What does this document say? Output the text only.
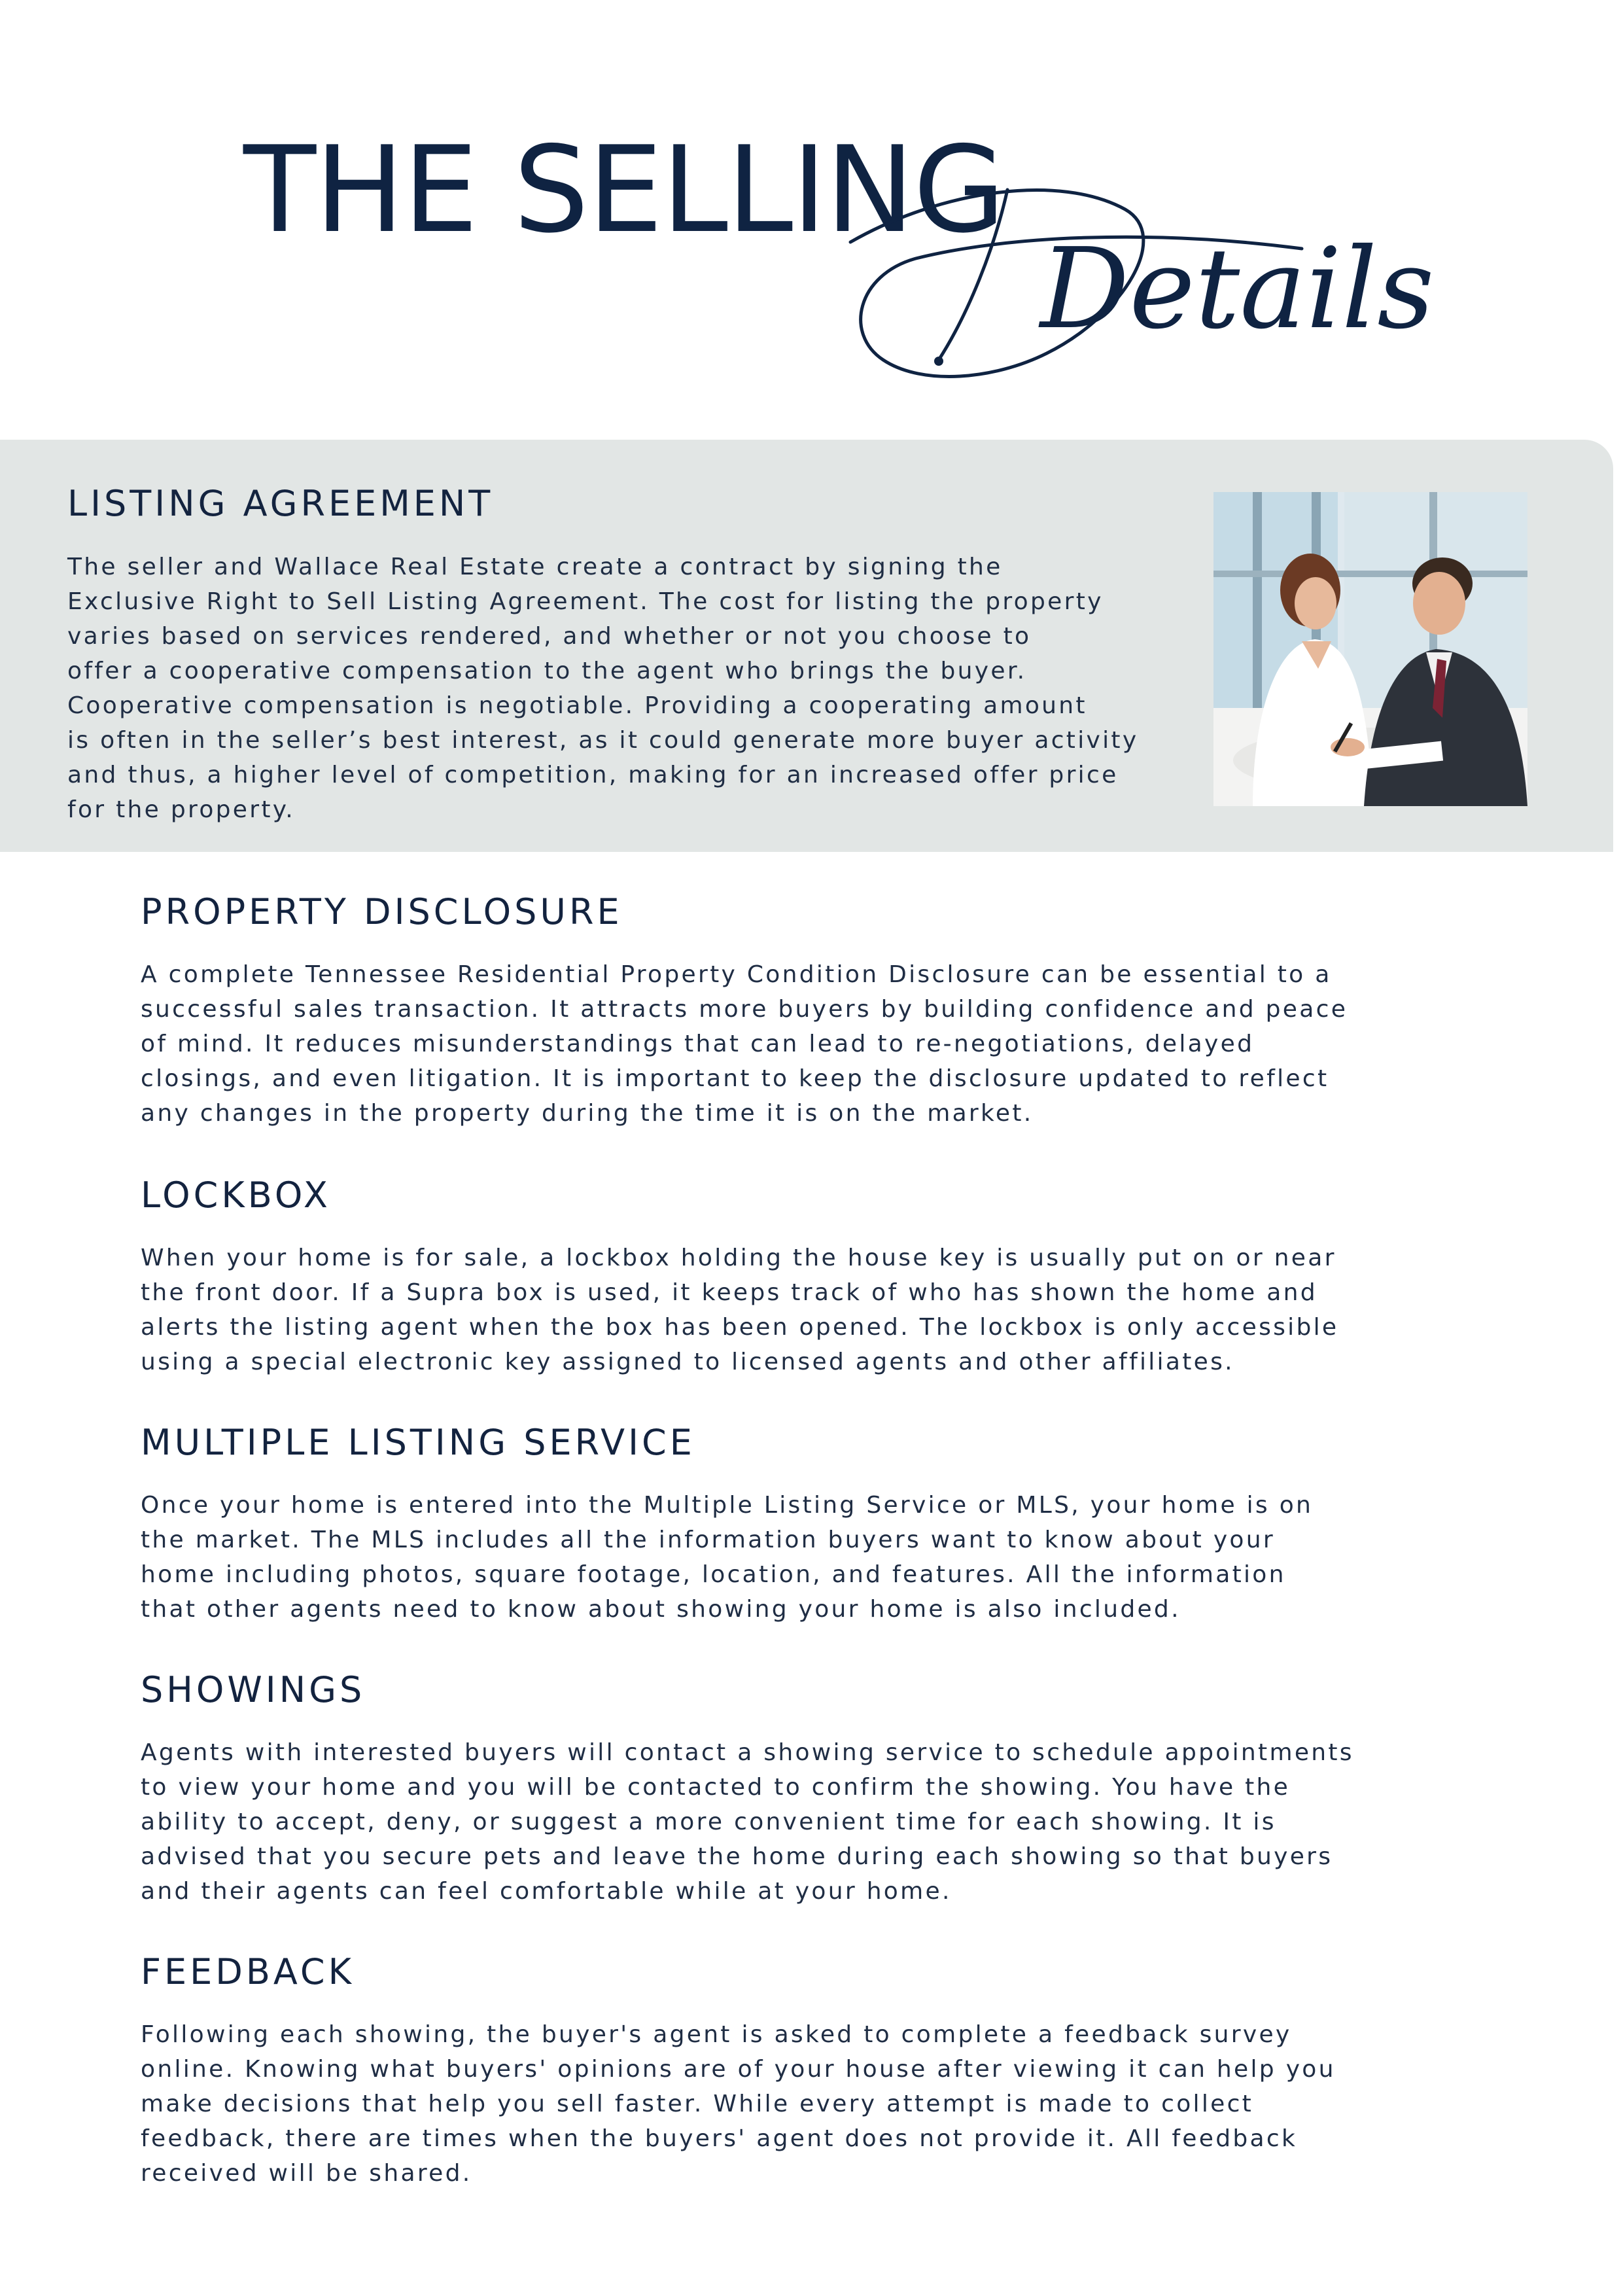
THE SELLING
Details
LISTING AGREEMENT

The seller and Wallace Real Estate create a contract by signing the
Exclusive Right to Sell Listing Agreement. The cost for listing the property
varies based on services rendered, and whether or not you choose to
offer a cooperative compensation to the agent who brings the buyer.
Cooperative compensation is negotiable. Providing a cooperating amount
is often in the seller’s best interest, as it could generate more buyer activity
and thus, a higher level of competition, making for an increased offer price
for the property.

PROPERTY DISCLOSURE

A complete Tennessee Residential Property Condition Disclosure can be essential to a
successful sales transaction. It attracts more buyers by building confidence and peace
of mind. It reduces misunderstandings that can lead to re-negotiations, delayed
closings, and even litigation. It is important to keep the disclosure updated to reflect
any changes in the property during the time it is on the market.

LOCKBOX

When your home is for sale, a lockbox holding the house key is usually put on or near
the front door. If a Supra box is used, it keeps track of who has shown the home and
alerts the listing agent when the box has been opened. The lockbox is only accessible
using a special electronic key assigned to licensed agents and other affiliates.

MULTIPLE LISTING SERVICE

Once your home is entered into the Multiple Listing Service or MLS, your home is on
the market. The MLS includes all the information buyers want to know about your
home including photos, square footage, location, and features. All the information
that other agents need to know about showing your home is also included.

SHOWINGS

Agents with interested buyers will contact a showing service to schedule appointments
to view your home and you will be contacted to confirm the showing. You have the
ability to accept, deny, or suggest a more convenient time for each showing. It is
advised that you secure pets and leave the home during each showing so that buyers
and their agents can feel comfortable while at your home.

FEEDBACK

Following each showing, the buyer's agent is asked to complete a feedback survey
online. Knowing what buyers' opinions are of your house after viewing it can help you
make decisions that help you sell faster. While every attempt is made to collect
feedback, there are times when the buyers' agent does not provide it. All feedback
received will be shared.
